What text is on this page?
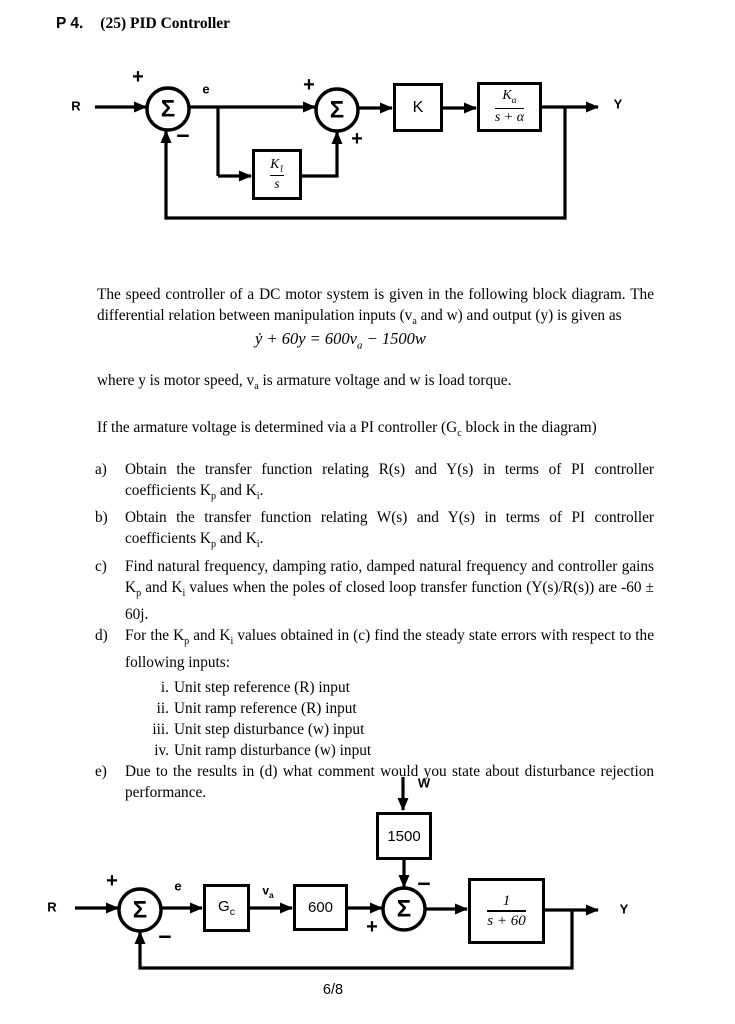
P 4. (25) PID Controller
R
+
Σ
−
e	+
Σ
+
$K_1$
s
K
$K_\alpha$
s + α
Y

The speed controller of a DC motor system is given in the following block diagram. The differential relation between manipulation inputs ($v_a$ and w) and output (y) is given as

ẏ + $60y = 600v_a - 1500w$

where y is motor speed, $v_a$ is armature voltage and w is load torque.

If the armature voltage is determined via a PI controller ($G_c$ block in the diagram)

a) Obtain the transfer function relating R(s) and Y(s) in terms of PI controller coefficients $K_p$ and $K_i$.
b) Obtain the transfer function relating W(s) and Y(s) in terms of PI controller coefficients $K_p$ and $K_i$.
c) Find natural frequency, damping ratio, damped natural frequency and controller gains $K_p$ and $K_i$ values when the poles of closed loop transfer function (Y(s)/R(s)) are -60 ± 60j.
d) For the $K_p$ and $K_i$ values obtained in (c) find the steady state errors with respect to the following inputs:
i. Unit step reference (R) input
ii. Unit ramp reference (R) input
iii. Unit step disturbance (w) input
iv. Unit ramp disturbance (w) input
e) Due to the results in (d) what comment would you state about disturbance rejection performance.
W
1500
−
R
+
Σ
−
e
$G_c$
$v_a$
600
+
Σ	1
s + 60
Y
6/8
